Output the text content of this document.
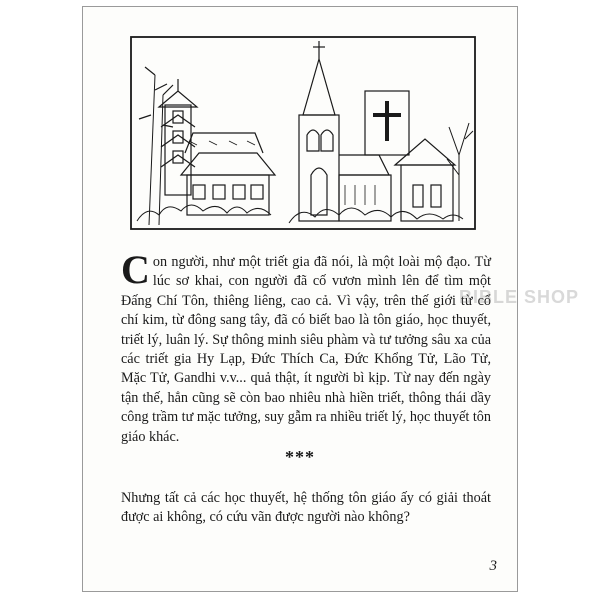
Con người, như một triết gia đã nói, là một loài mộ đạo. Từ lúc sơ khai, con người đã cố vươn mình lên để tìm một Đấng Chí Tôn, thiêng liêng, cao cả. Vì vậy, trên thế giới từ cổ chí kim, từ đông sang tây, đã có biết bao là tôn giáo, học thuyết, triết lý, luân lý. Sự thông minh siêu phàm và tư tưởng sâu xa của các triết gia Hy Lạp, Đức Thích Ca, Đức Khổng Tử, Lão Tử, Mặc Tử, Gandhi v.v... quả thật, ít người bì kịp. Từ nay đến ngày tận thế, hẳn cũng sẽ còn bao nhiêu nhà hiền triết, thông thái dầy công trầm tư mặc tưởng, suy gẫm ra nhiều triết lý, học thuyết tôn giáo khác.
***
Nhưng tất cả các học thuyết, hệ thống tôn giáo ấy có giải thoát được ai không, có cứu vãn được người nào không?
3
BIBLE SHOP
